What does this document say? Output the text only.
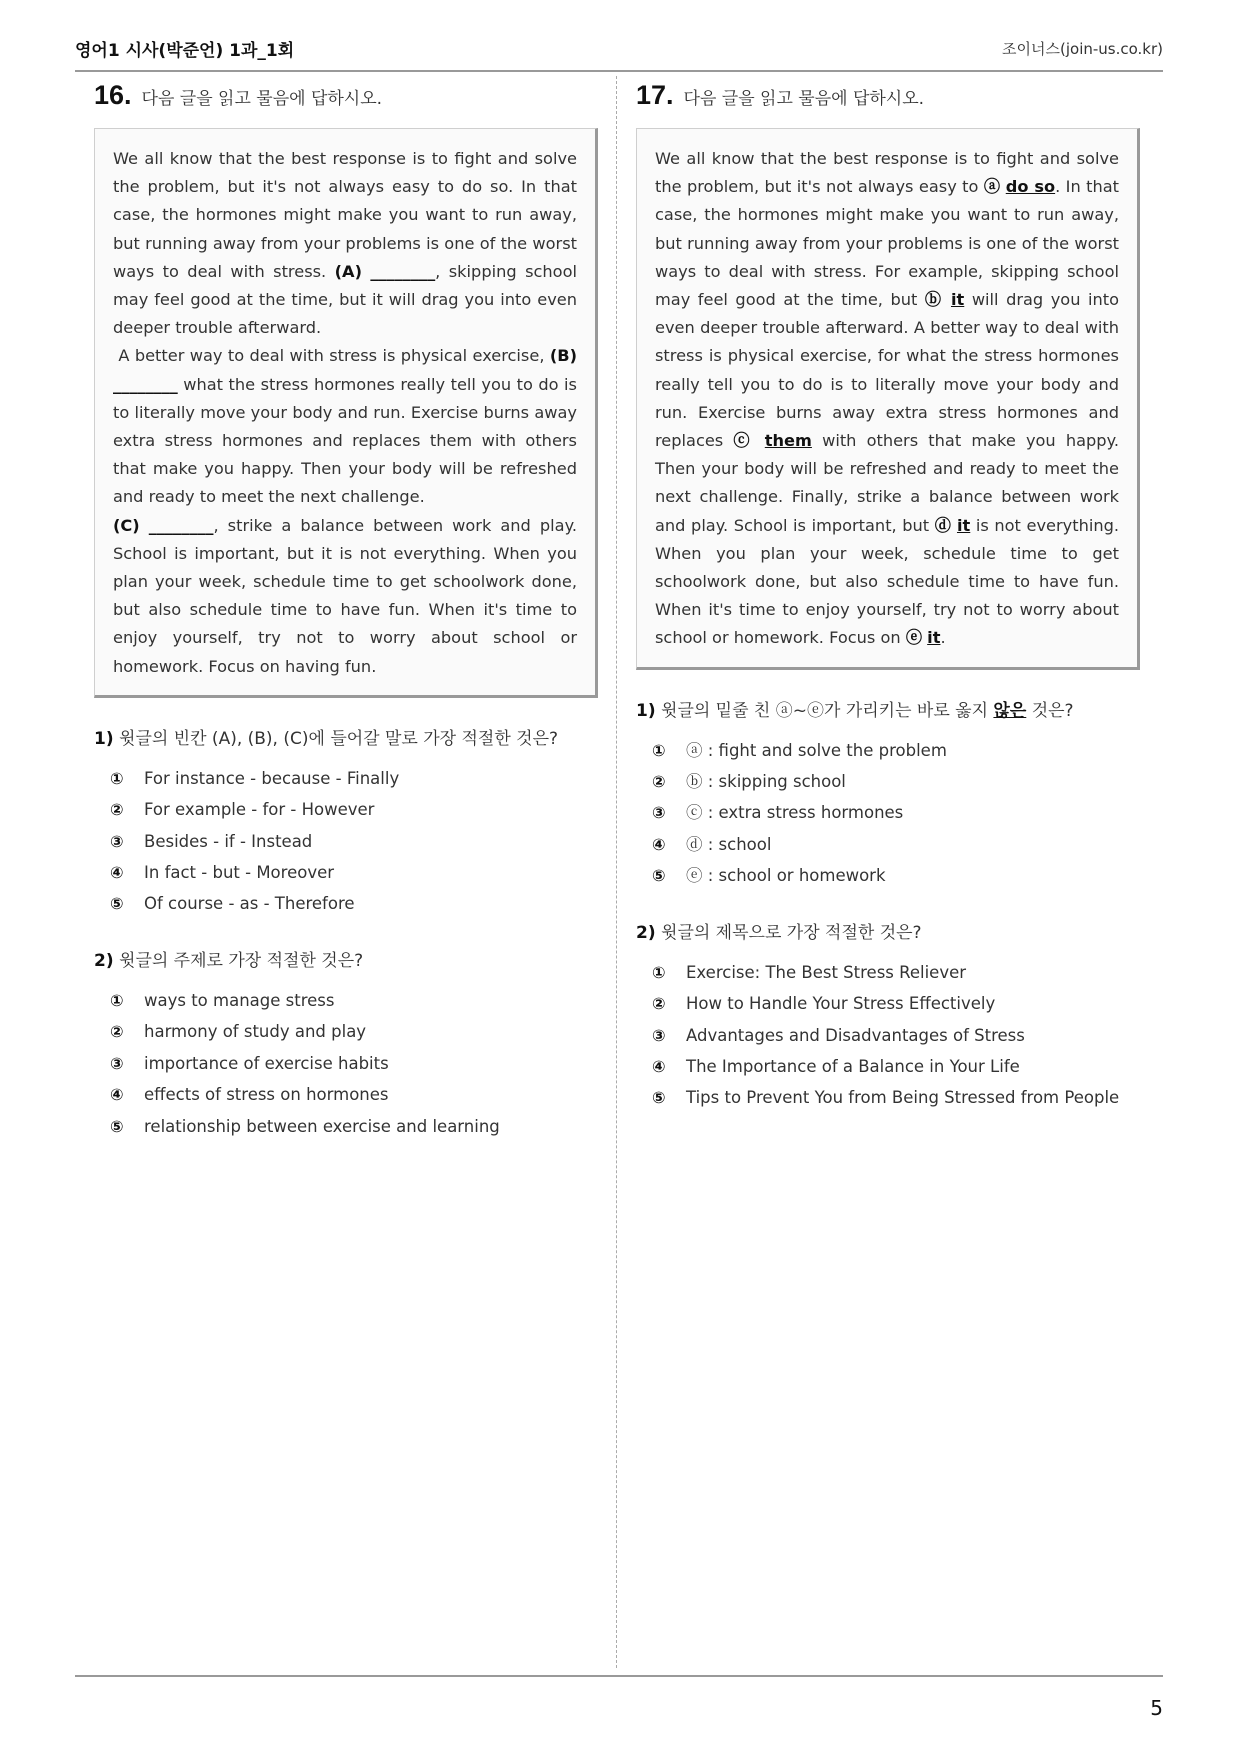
영어1 시사(박준언) 1과_1회	조이너스(join-us.co.kr)
16. 다음 글을 읽고 물음에 답하시오.

We all know that the best response is to fight and solve the problem, but it's not always easy to do so. In that case, the hormones might make you want to run away, but running away from your problems is one of the worst ways to deal with stress. (A) ________, skipping school may feel good at the time, but it will drag you into even deeper trouble afterward.

A better way to deal with stress is physical exercise, (B) ________ what the stress hormones really tell you to do is to literally move your body and run. Exercise burns away extra stress hormones and replaces them with others that make you happy. Then your body will be refreshed and ready to meet the next challenge.

(C) ________, strike a balance between work and play. School is important, but it is not everything. When you plan your week, schedule time to get schoolwork done, but also schedule time to have fun. When it's time to enjoy yourself, try not to worry about school or homework. Focus on having fun.

1) 윗글의 빈칸 (A), (B), (C)에 들어갈 말로 가장 적절한 것은?
①	For instance - because - Finally
②	For example - for - However
③	Besides - if - Instead
④	In fact - but - Moreover
⑤	Of course - as - Therefore
2) 윗글의 주제로 가장 적절한 것은?
①	ways to manage stress
②	harmony of study and play
③	importance of exercise habits
④	effects of stress on hormones
⑤	relationship between exercise and learning
17. 다음 글을 읽고 물음에 답하시오.

We all know that the best response is to fight and solve the problem, but it's not always easy to ⓐ do so. In that case, the hormones might make you want to run away, but running away from your problems is one of the worst ways to deal with stress. For example, skipping school may feel good at the time, but ⓑ it will drag you into even deeper trouble afterward. A better way to deal with stress is physical exercise, for what the stress hormones really tell you to do is to literally move your body and run. Exercise burns away extra stress hormones and replaces ⓒ them with others that make you happy. Then your body will be refreshed and ready to meet the next challenge. Finally, strike a balance between work and play. School is important, but ⓓ it is not everything. When you plan your week, schedule time to get schoolwork done, but also schedule time to have fun. When it's time to enjoy yourself, try not to worry about school or homework. Focus on ⓔ it.

1) 윗글의 밑줄 친 ⓐ~ⓔ가 가리키는 바로 옳지 않은 것은?
①	ⓐ : fight and solve the problem
②	ⓑ : skipping school
③	ⓒ : extra stress hormones
④	ⓓ : school
⑤	ⓔ : school or homework
2) 윗글의 제목으로 가장 적절한 것은?
①	Exercise: The Best Stress Reliever
②	How to Handle Your Stress Effectively
③	Advantages and Disadvantages of Stress
④	The Importance of a Balance in Your Life
⑤	Tips to Prevent You from Being Stressed from People
5
